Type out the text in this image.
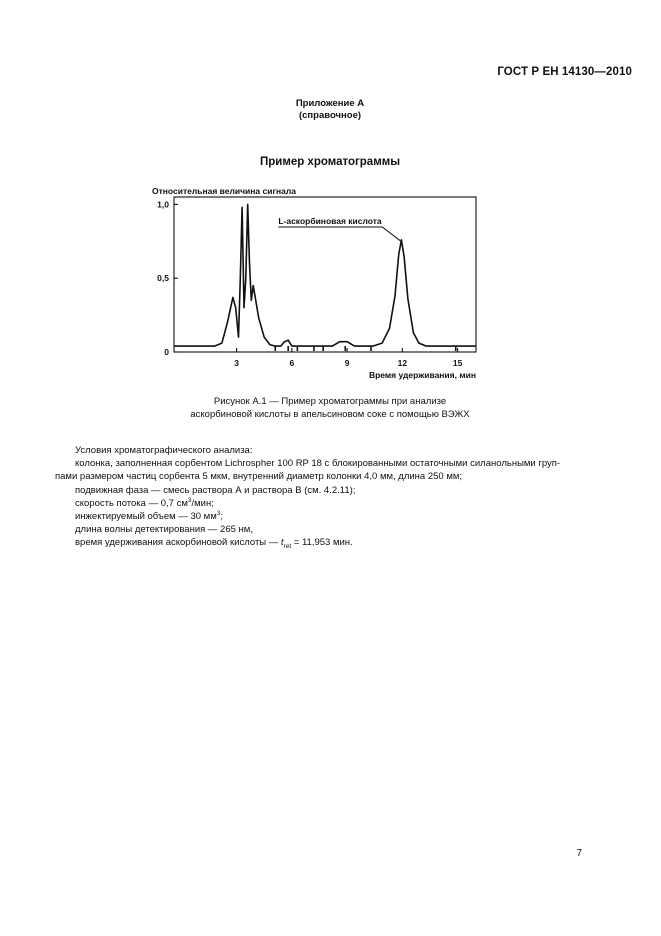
ГОСТ Р ЕН 14130—2010
Приложение А
(справочное)
Пример хроматограммы
Относительная величина сигнала
3	6	9	12	15
0
0,5
1,0
L-аскорбиновая кислота
Время удерживания, мин
Рисунок А.1 — Пример хроматограммы при анализе
аскорбиновой кислоты в апельсиновом соке с помощью ВЭЖХ

Условия хроматографического анализа:

колонка, заполненная сорбентом Lichrospher 100 RP 18 с блокированными остаточными силанольными груп-

пами размером частиц сорбента 5 мкм, внутренний диаметр колонки 4,0 мм, длина 250 мм;

подвижная фаза — смесь раствора А и раствора В (см. 4.2.11);

скорость потока — 0,7 $см^3$/мин;

инжектируемый объем — 30 $мм^3$;

длина волны детектирования — 265 нм,

время удерживания аскорбиновой кислоты — $t_{ret} = 11,953$ мин.

7
